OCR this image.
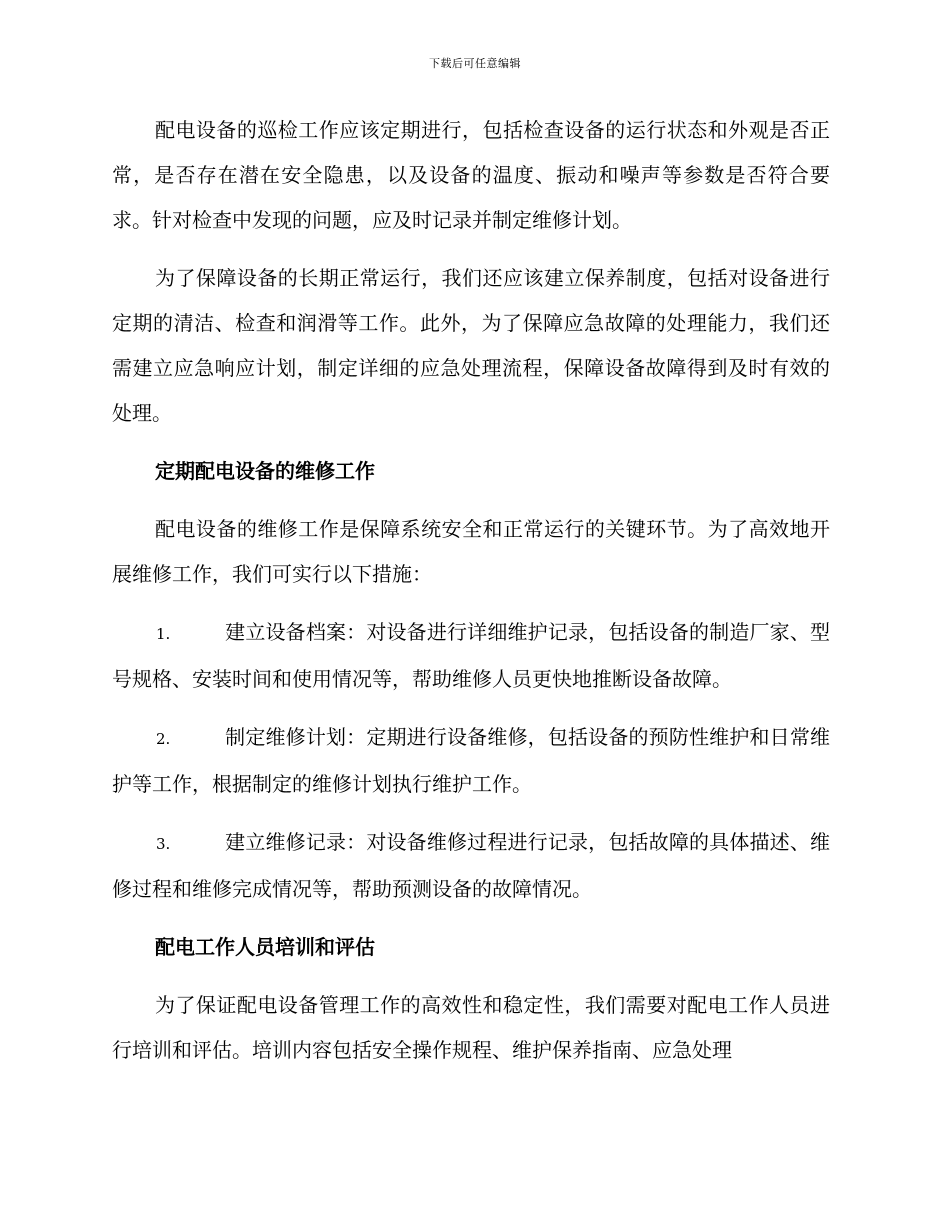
下载后可任意编辑

配电设备的巡检工作应该定期进行，包括检查设备的运行状态和外观是否正常，是否存在潜在安全隐患，以及设备的温度、振动和噪声等参数是否符合要求。针对检查中发现的问题，应及时记录并制定维修计划。

为了保障设备的长期正常运行，我们还应该建立保养制度，包括对设备进行定期的清洁、检查和润滑等工作。此外，为了保障应急故障的处理能力，我们还需建立应急响应计划，制定详细的应急处理流程，保障设备故障得到及时有效的处理。

定期配电设备的维修工作

配电设备的维修工作是保障系统安全和正常运行的关键环节。为了高效地开展维修工作，我们可实行以下措施：

1.	建立设备档案：对设备进行详细维护记录，包括设备的制造厂家、型号规格、安装时间和使用情况等，帮助维修人员更快地推断设备故障。
2.	制定维修计划：定期进行设备维修，包括设备的预防性维护和日常维护等工作，根据制定的维修计划执行维护工作。
3.	建立维修记录：对设备维修过程进行记录，包括故障的具体描述、维修过程和维修完成情况等，帮助预测设备的故障情况。
配电工作人员培训和评估

为了保证配电设备管理工作的高效性和稳定性，我们需要对配电工作人员进行培训和评估。培训内容包括安全操作规程、维护保养指南、应急处理
